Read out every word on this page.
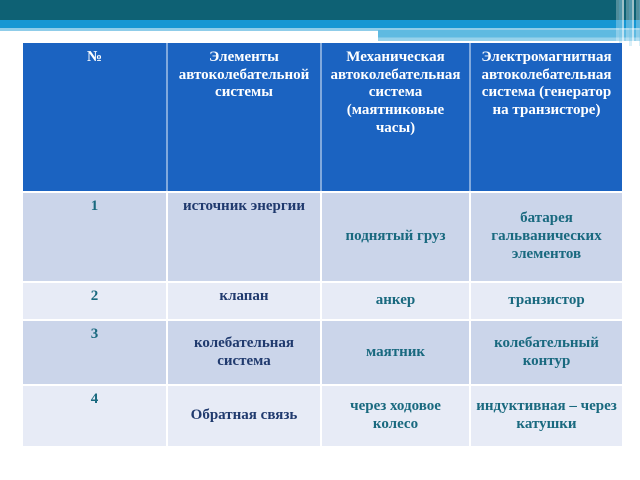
№	Элементы автоколебательной системы	Механическая автоколебательная система (маятниковые часы)	Электромагнитная автоколебательная система (генератор на транзисторе)
1	источник энергии	поднятый груз	батарея гальванических элементов
2	клапан	анкер	транзистор
3	колебательная система	маятник	колебательный контур
4	Обратная связь	через ходовое колесо	индуктивная – через катушки
